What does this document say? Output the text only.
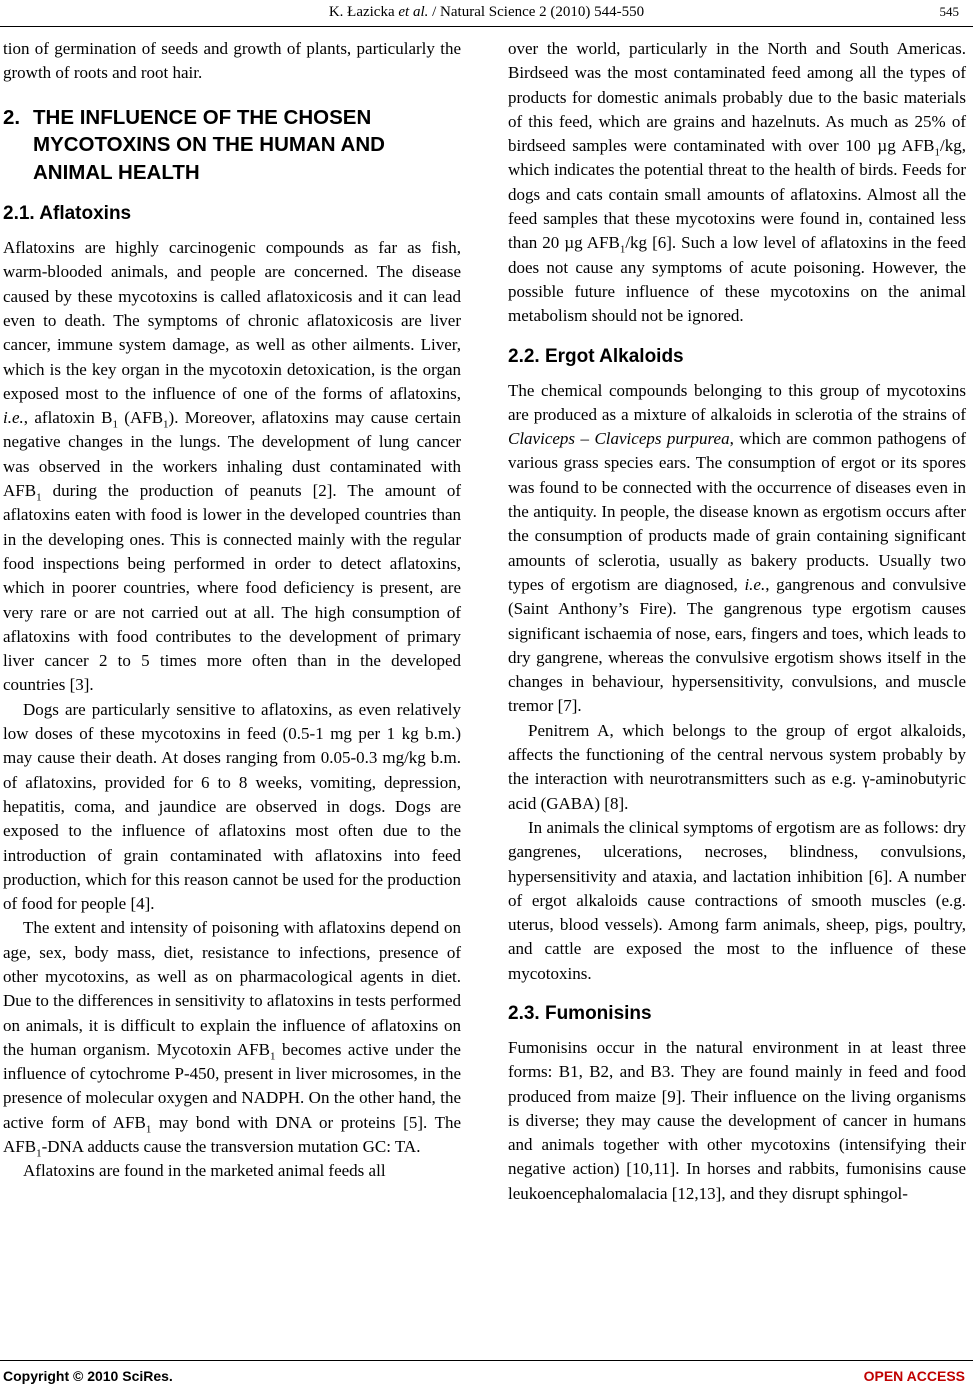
K. Łazicka et al. / Natural Science 2 (2010) 544-550	545

tion of germination of seeds and growth of plants, particularly the growth of roots and root hair.

2. THE INFLUENCE OF THE CHOSEN MYCOTOXINS ON THE HUMAN AND ANIMAL HEALTH
2.1. Aflatoxins

Aflatoxins are highly carcinogenic compounds as far as fish, warm-blooded animals, and people are concerned. The disease caused by these mycotoxins is called aflatoxicosis and it can lead even to death. The symptoms of chronic aflatoxicosis are liver cancer, immune system damage, as well as other ailments. Liver, which is the key organ in the mycotoxin detoxication, is the organ exposed most to the influence of one of the forms of aflatoxins, i.e., aflatoxin $B_1$ $(AFB_1)$. Moreover, aflatoxins may cause certain negative changes in the lungs. The development of lung cancer was observed in the workers inhaling dust contaminated with $AFB_1$ during the production of peanuts [2]. The amount of aflatoxins eaten with food is lower in the developed countries than in the developing ones. This is connected mainly with the regular food inspections being performed in order to detect aflatoxins, which in poorer countries, where food deficiency is present, are very rare or are not carried out at all. The high consumption of aflatoxins with food contributes to the development of primary liver cancer 2 to 5 times more often than in the developed countries [3].

Dogs are particularly sensitive to aflatoxins, as even relatively low doses of these mycotoxins in feed (0.5-1 mg per 1 kg b.m.) may cause their death. At doses ranging from 0.05-0.3 mg/kg b.m. of aflatoxins, provided for 6 to 8 weeks, vomiting, depression, hepatitis, coma, and jaundice are observed in dogs. Dogs are exposed to the influence of aflatoxins most often due to the introduction of grain contaminated with aflatoxins into feed production, which for this reason cannot be used for the production of food for people [4].

The extent and intensity of poisoning with aflatoxins depend on age, sex, body mass, diet, resistance to infections, presence of other mycotoxins, as well as on pharmacological agents in diet. Due to the differences in sensitivity to aflatoxins in tests performed on animals, it is difficult to explain the influence of aflatoxins on the human organism. Mycotoxin $AFB_1$ becomes active under the influence of cytochrome P-450, present in liver microsomes, in the presence of molecular oxygen and NADPH. On the other hand, the active form of $AFB_1$ may bond with DNA or proteins [5]. The $AFB_1$-DNA adducts cause the transversion mutation GC: TA.

Aflatoxins are found in the marketed animal feeds all

over the world, particularly in the North and South Americas. Birdseed was the most contaminated feed among all the types of products for domestic animals probably due to the basic materials of this feed, which are grains and hazelnuts. As much as 25% of birdseed samples were contaminated with over 100 µg $AFB_1/kg$, which indicates the potential threat to the health of birds. Feeds for dogs and cats contain small amounts of aflatoxins. Almost all the feed samples that these mycotoxins were found in, contained less than 20 µg $AFB_1/kg$ [6]. Such a low level of aflatoxins in the feed does not cause any symptoms of acute poisoning. However, the possible future influence of these mycotoxins on the animal metabolism should not be ignored.

2.2. Ergot Alkaloids

The chemical compounds belonging to this group of mycotoxins are produced as a mixture of alkaloids in sclerotia of the strains of Claviceps – Claviceps purpurea, which are common pathogens of various grass species ears. The consumption of ergot or its spores was found to be connected with the occurrence of diseases even in the antiquity. In people, the disease known as ergotism occurs after the consumption of products made of grain containing significant amounts of sclerotia, usually as bakery products. Usually two types of ergotism are diagnosed, i.e., gangrenous and convulsive (Saint Anthony’s Fire). The gangrenous type ergotism causes significant ischaemia of nose, ears, fingers and toes, which leads to dry gangrene, whereas the convulsive ergotism shows itself in the changes in behaviour, hypersensitivity, convulsions, and muscle tremor [7].

Penitrem A, which belongs to the group of ergot alkaloids, affects the functioning of the central nervous system probably by the interaction with neurotransmitters such as e.g. γ-aminobutyric acid (GABA) [8].

In animals the clinical symptoms of ergotism are as follows: dry gangrenes, ulcerations, necroses, blindness, convulsions, hypersensitivity and ataxia, and lactation inhibition [6]. A number of ergot alkaloids cause contractions of smooth muscles (e.g. uterus, blood vessels). Among farm animals, sheep, pigs, poultry, and cattle are exposed the most to the influence of these mycotoxins.

2.3. Fumonisins

Fumonisins occur in the natural environment in at least three forms: B1, B2, and B3. They are found mainly in feed and food produced from maize [9]. Their influence on the living organisms is diverse; they may cause the development of cancer in humans and animals together with other mycotoxins (intensifying their negative action) [10,11]. In horses and rabbits, fumonisins cause leukoencephalomalacia [12,13], and they disrupt sphingol-

Copyright © 2010 SciRes.	OPEN ACCESS
